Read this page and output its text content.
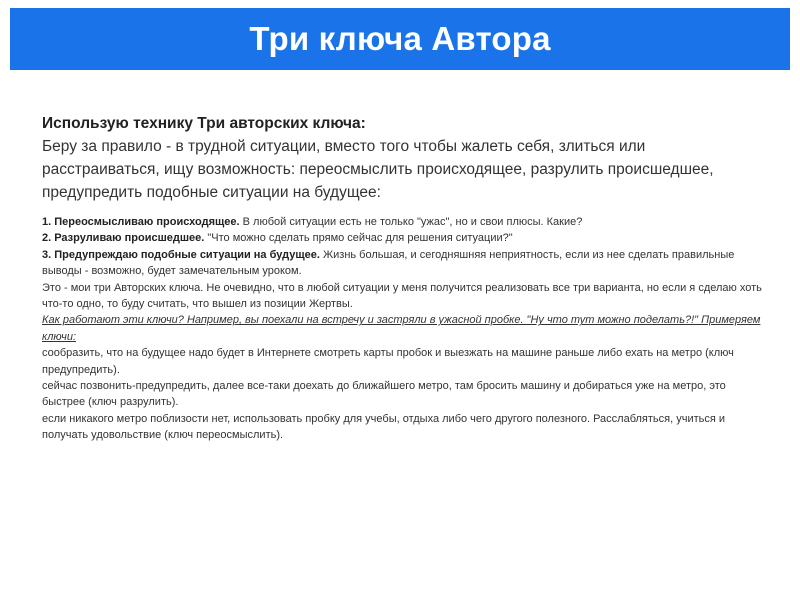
Три ключа Автора
Использую технику Три авторских ключа:
Беру за правило - в трудной ситуации, вместо того чтобы жалеть себя, злиться или расстраиваться, ищу возможность: переосмыслить происходящее, разрулить происшедшее, предупредить подобные ситуации на будущее:

1. Переосмысливаю происходящее. В любой ситуации есть не только "ужас", но и свои плюсы. Какие?

2. Разруливаю происшедшее. "Что можно сделать прямо сейчас для решения ситуации?"

3. Предупреждаю подобные ситуации на будущее. Жизнь большая, и сегодняшняя неприятность, если из нее сделать правильные выводы - возможно, будет замечательным уроком.

Это - мои три Авторских ключа. Не очевидно, что в любой ситуации у меня получится реализовать все три варианта, но если я сделаю хоть что-то одно, то буду считать, что вышел из позиции Жертвы.

Как работают эти ключи? Например, вы поехали на встречу и застряли в ужасной пробке. "Ну что тут можно поделать?!" Примеряем ключи:

сообразить, что на будущее надо будет в Интернете смотреть карты пробок и выезжать на машине раньше либо ехать на метро (ключ предупредить).

сейчас позвонить-предупредить, далее все-таки доехать до ближайшего метро, там бросить машину и добираться уже на метро, это быстрее (ключ разрулить).

если никакого метро поблизости нет, использовать пробку для учебы, отдыха либо чего другого полезного. Расслабляться, учиться и получать удовольствие (ключ переосмыслить).
